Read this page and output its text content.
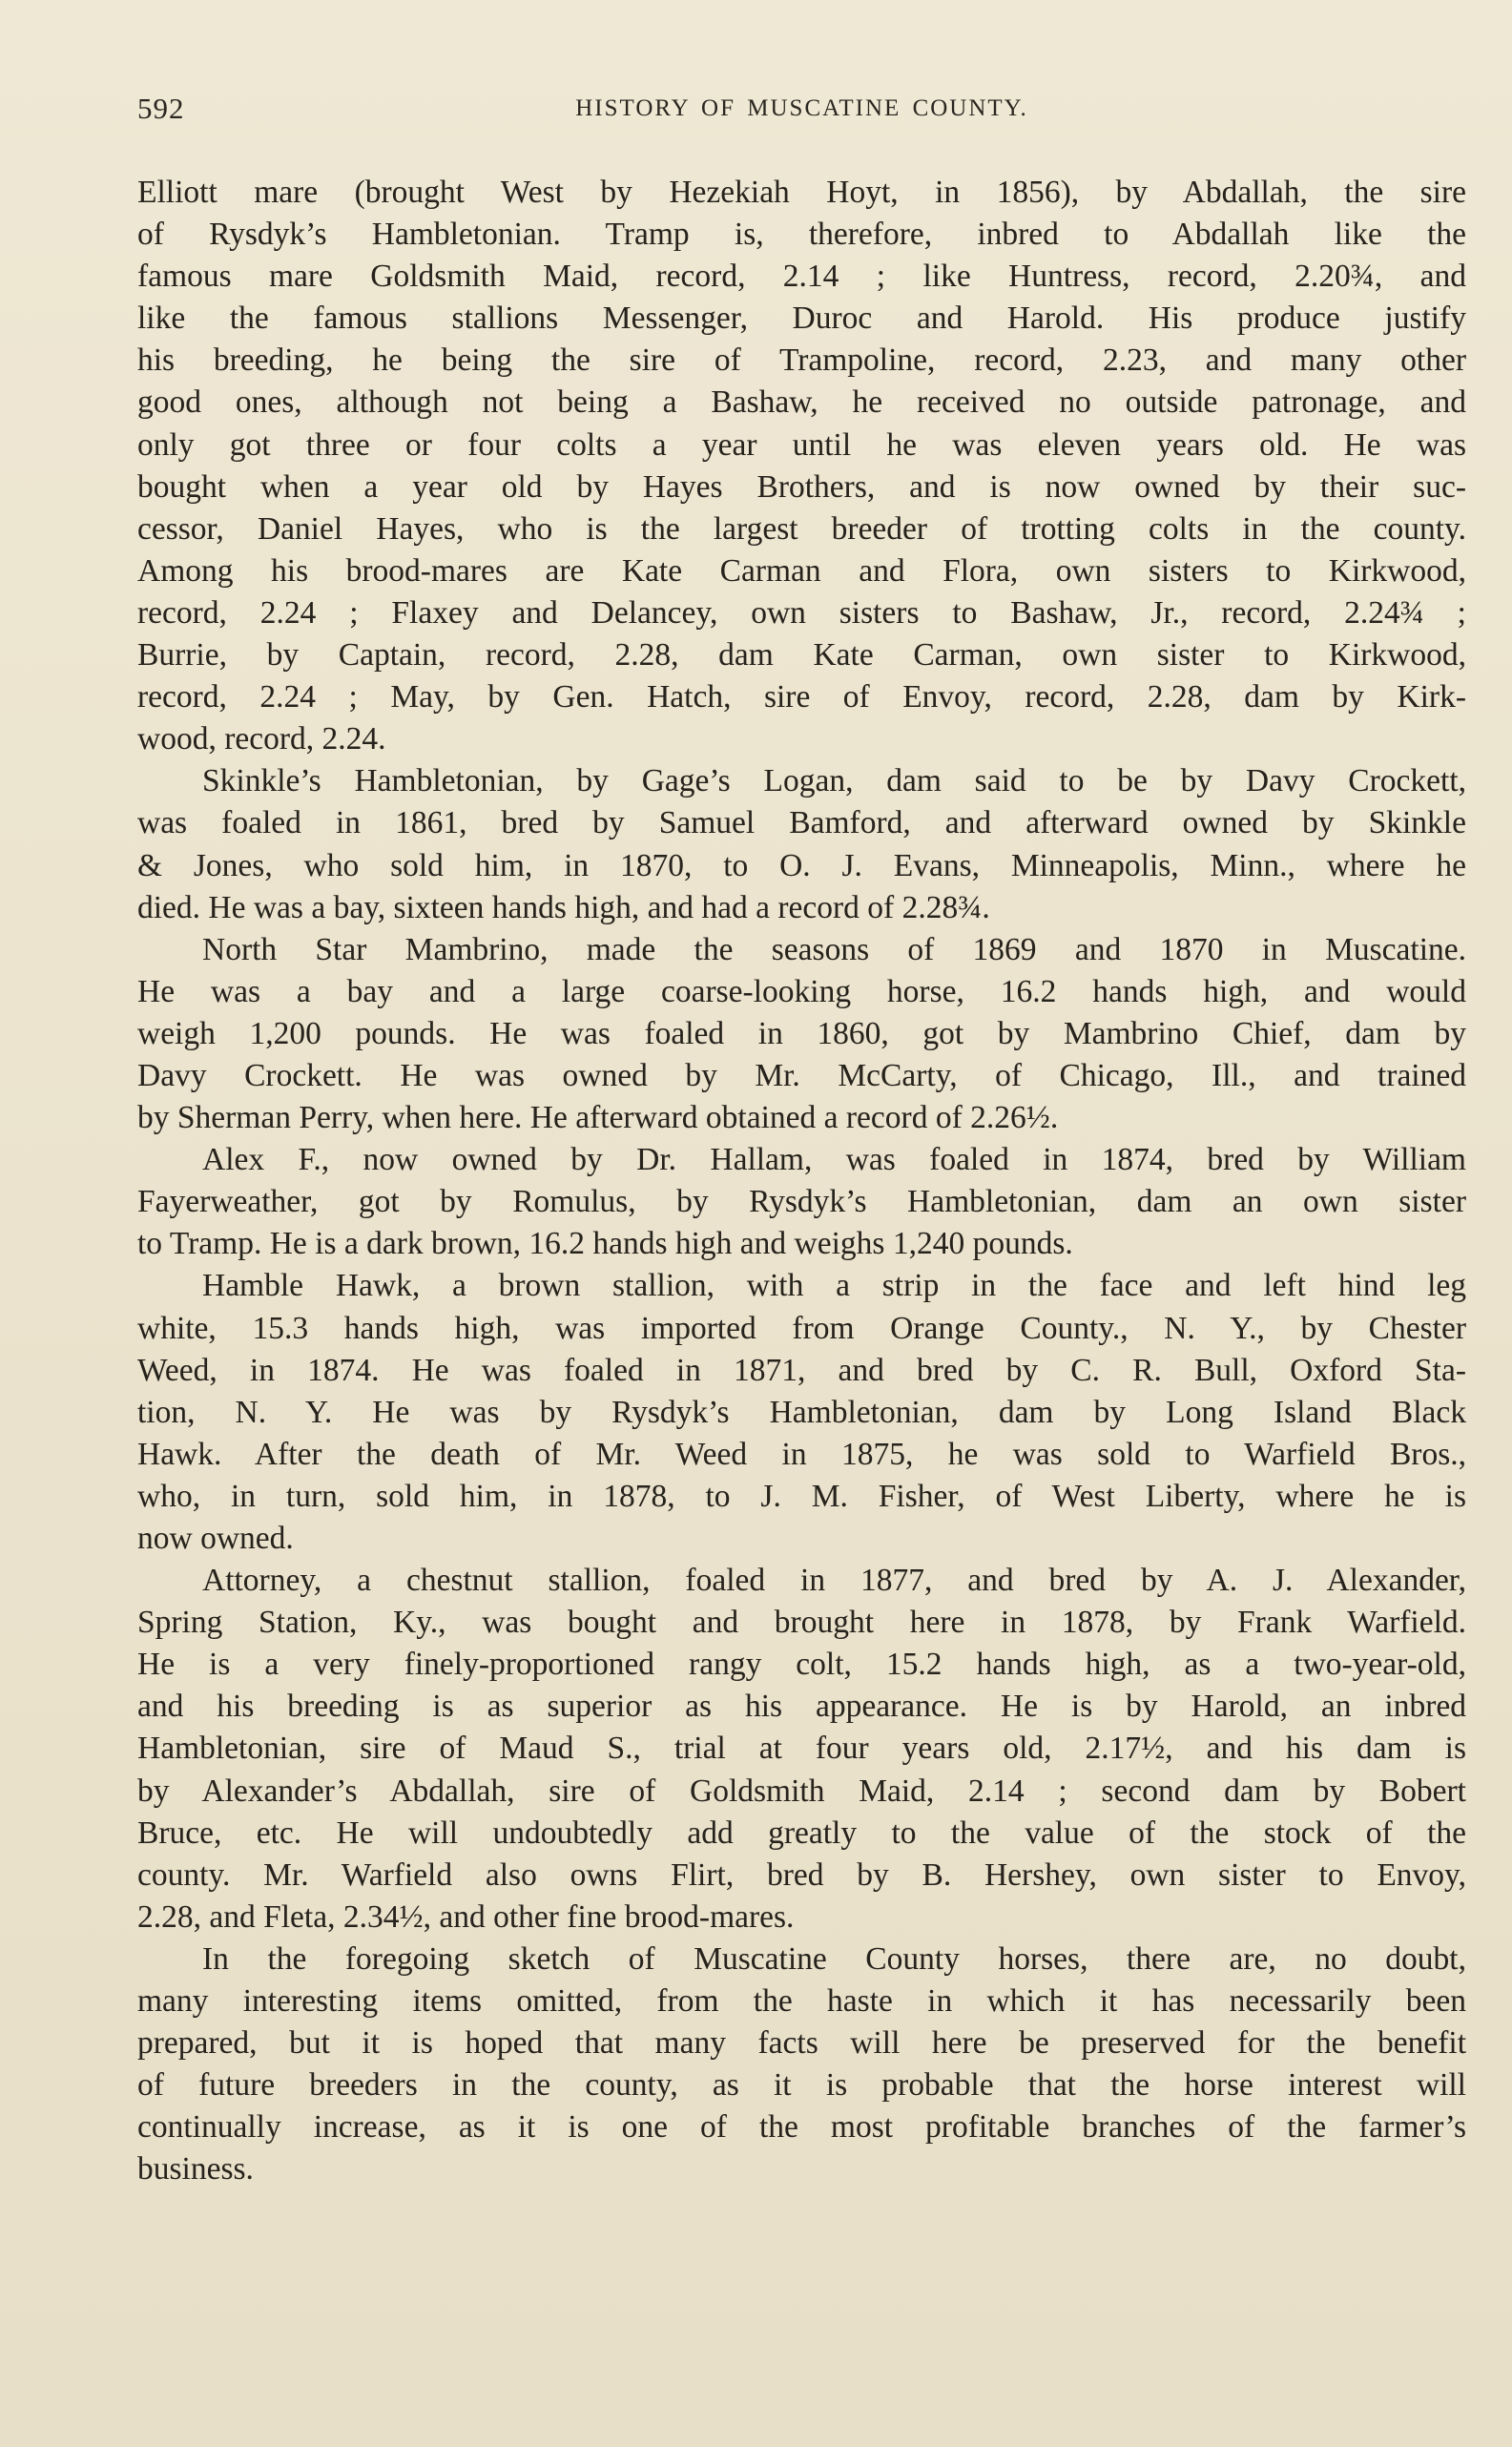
592	HISTORY OF MUSCATINE COUNTY.
Elliott mare (brought West by Hezekiah Hoyt, in 1856), by Abdallah, the sire
of Rysdyk’s Hambletonian. Tramp is, therefore, inbred to Abdallah like the
famous mare Goldsmith Maid, record, 2.14 ; like Huntress, record, 2.20¾, and
like the famous stallions Messenger, Duroc and Harold. His produce justify
his breeding, he being the sire of Trampoline, record, 2.23, and many other
good ones, although not being a Bashaw, he received no outside patronage, and
only got three or four colts a year until he was eleven years old. He was
bought when a year old by Hayes Brothers, and is now owned by their suc-
cessor, Daniel Hayes, who is the largest breeder of trotting colts in the county.
Among his brood-mares are Kate Carman and Flora, own sisters to Kirkwood,
record, 2.24 ; Flaxey and Delancey, own sisters to Bashaw, Jr., record, 2.24¾ ;
Burrie, by Captain, record, 2.28, dam Kate Carman, own sister to Kirkwood,
record, 2.24 ; May, by Gen. Hatch, sire of Envoy, record, 2.28, dam by Kirk-
wood, record, 2.24.
Skinkle’s Hambletonian, by Gage’s Logan, dam said to be by Davy Crockett,
was foaled in 1861, bred by Samuel Bamford, and afterward owned by Skinkle
& Jones, who sold him, in 1870, to O. J. Evans, Minneapolis, Minn., where he
died. He was a bay, sixteen hands high, and had a record of 2.28¾.
North Star Mambrino, made the seasons of 1869 and 1870 in Muscatine.
He was a bay and a large coarse-looking horse, 16.2 hands high, and would
weigh 1,200 pounds. He was foaled in 1860, got by Mambrino Chief, dam by
Davy Crockett. He was owned by Mr. McCarty, of Chicago, Ill., and trained
by Sherman Perry, when here. He afterward obtained a record of 2.26½.
Alex F., now owned by Dr. Hallam, was foaled in 1874, bred by William
Fayerweather, got by Romulus, by Rysdyk’s Hambletonian, dam an own sister
to Tramp. He is a dark brown, 16.2 hands high and weighs 1,240 pounds.
Hamble Hawk, a brown stallion, with a strip in the face and left hind leg
white, 15.3 hands high, was imported from Orange County., N. Y., by Chester
Weed, in 1874. He was foaled in 1871, and bred by C. R. Bull, Oxford Sta-
tion, N. Y. He was by Rysdyk’s Hambletonian, dam by Long Island Black
Hawk. After the death of Mr. Weed in 1875, he was sold to Warfield Bros.,
who, in turn, sold him, in 1878, to J. M. Fisher, of West Liberty, where he is
now owned.
Attorney, a chestnut stallion, foaled in 1877, and bred by A. J. Alexander,
Spring Station, Ky., was bought and brought here in 1878, by Frank Warfield.
He is a very finely-proportioned rangy colt, 15.2 hands high, as a two-year-old,
and his breeding is as superior as his appearance. He is by Harold, an inbred
Hambletonian, sire of Maud S., trial at four years old, 2.17½, and his dam is
by Alexander’s Abdallah, sire of Goldsmith Maid, 2.14 ; second dam by Bobert
Bruce, etc. He will undoubtedly add greatly to the value of the stock of the
county. Mr. Warfield also owns Flirt, bred by B. Hershey, own sister to Envoy,
2.28, and Fleta, 2.34½, and other fine brood-mares.
In the foregoing sketch of Muscatine County horses, there are, no doubt,
many interesting items omitted, from the haste in which it has necessarily been
prepared, but it is hoped that many facts will here be preserved for the benefit
of future breeders in the county, as it is probable that the horse interest will
continually increase, as it is one of the most profitable branches of the farmer’s
business.
